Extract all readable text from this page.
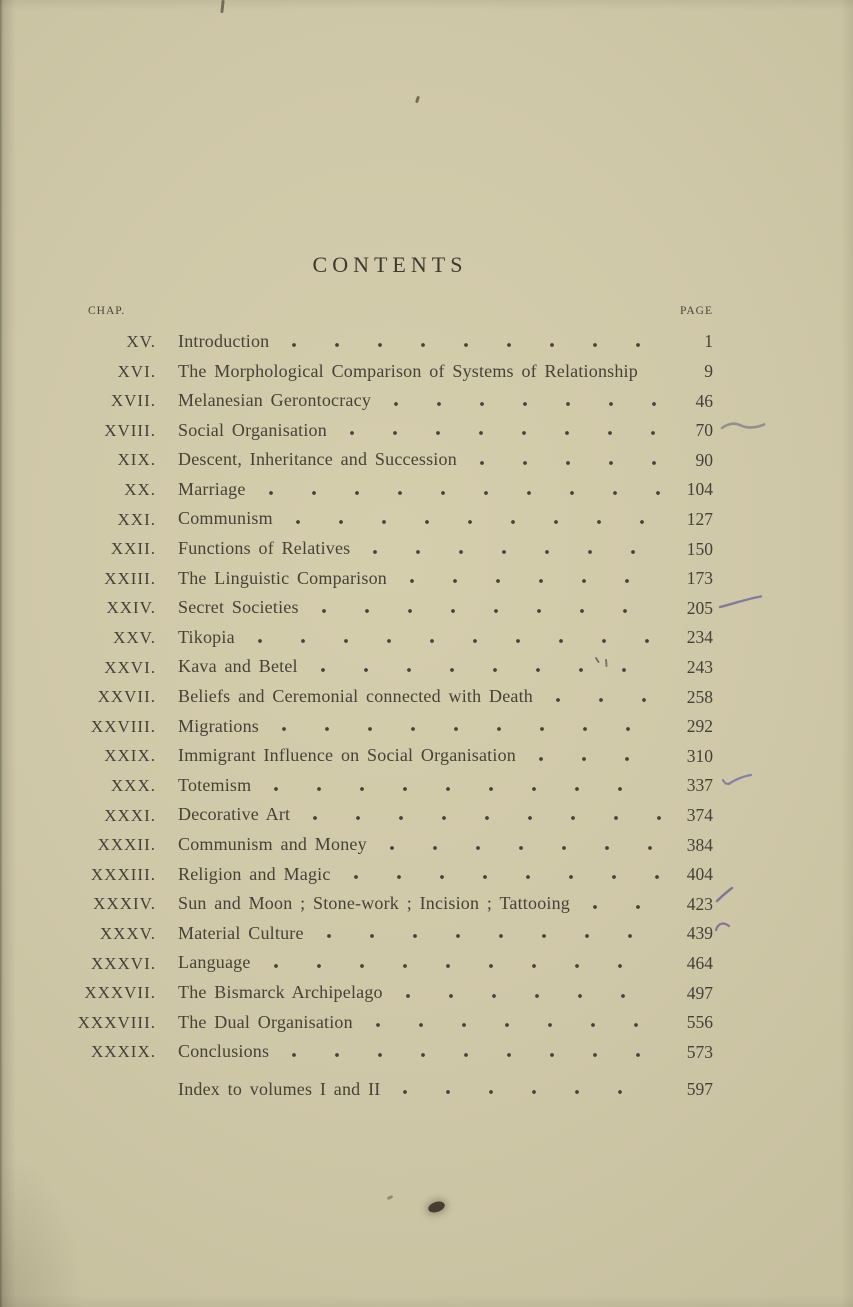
CONTENTS
CHAP.	PAGE
XV. Introduction	1
XVI. The Morphological Comparison of Systems of Relationship	9
XVII. Melanesian Gerontocracy	46
XVIII. Social Organisation	70
XIX. Descent, Inheritance and Succession	90
XX. Marriage	104
XXI. Communism	127
XXII. Functions of Relatives	150
XXIII. The Linguistic Comparison	173
XXIV. Secret Societies	205
XXV. Tikopia	234
XXVI. Kava and Betel	243
XXVII. Beliefs and Ceremonial connected with Death	258
XXVIII. Migrations	292
XXIX. Immigrant Influence on Social Organisation	310
XXX. Totemism	337
XXXI. Decorative Art	374
XXXII. Communism and Money	384
XXXIII. Religion and Magic	404
XXXIV. Sun and Moon ; Stone-work ; Incision ; Tattooing	423
XXXV. Material Culture	439
XXXVI. Language	464
XXXVII. The Bismarck Archipelago	497
XXXVIII. The Dual Organisation	556
XXXIX. Conclusions	573
Index to volumes I and II	597
